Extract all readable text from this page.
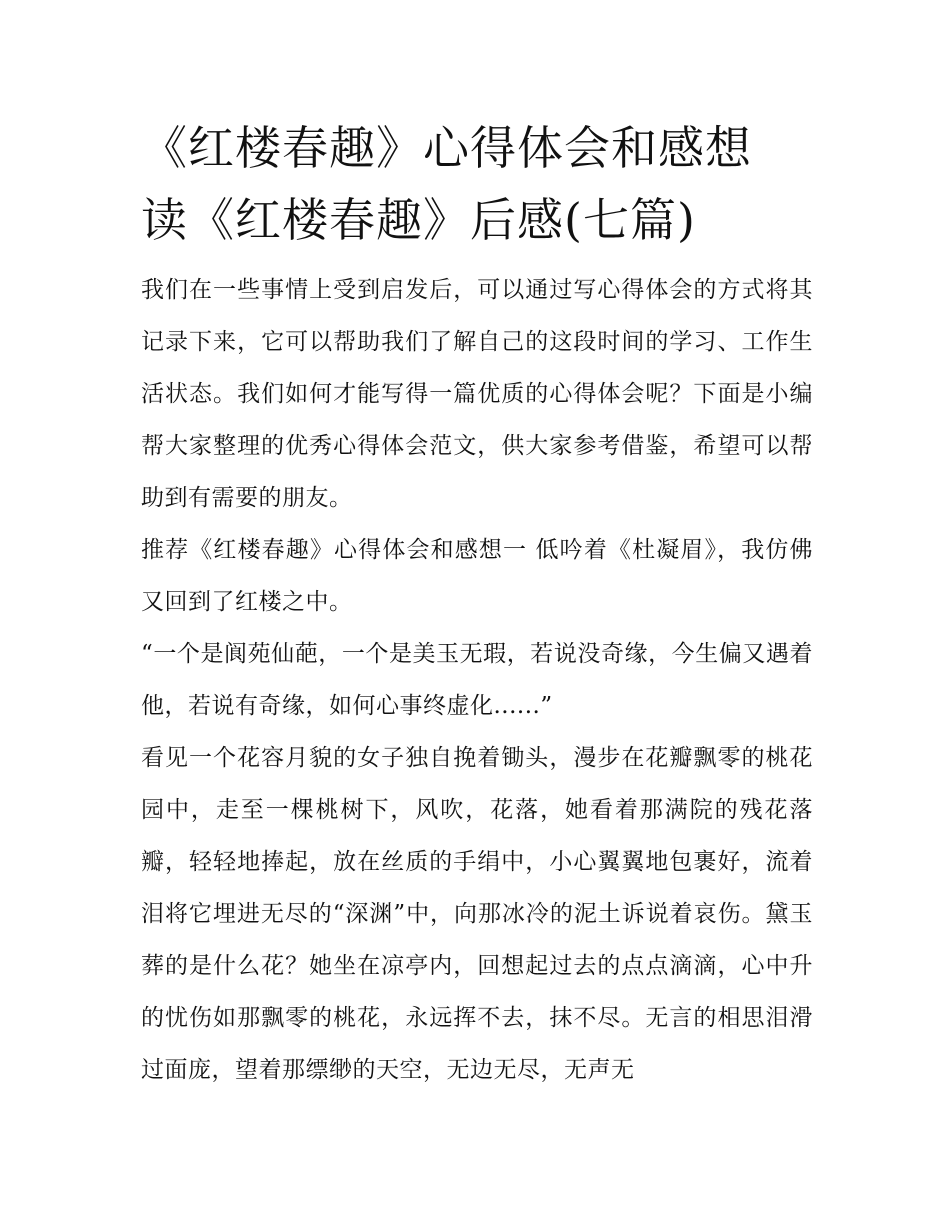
《红楼春趣》心得体会和感想
读《红楼春趣》后感(七篇)

我们在一些事情上受到启发后，可以通过写心得体会的方式将其记录下来，它可以帮助我们了解自己的这段时间的学习、工作生活状态。我们如何才能写得一篇优质的心得体会呢？下面是小编帮大家整理的优秀心得体会范文，供大家参考借鉴，希望可以帮助到有需要的朋友。

推荐《红楼春趣》心得体会和感想一 低吟着《杜凝眉》，我仿佛又回到了红楼之中。

“一个是阆苑仙葩，一个是美玉无瑕，若说没奇缘，今生偏又遇着他，若说有奇缘，如何心事终虚化......”

看见一个花容月貌的女子独自挽着锄头，漫步在花瓣飘零的桃花园中，走至一棵桃树下，风吹，花落，她看着那满院的残花落瓣，轻轻地捧起，放在丝质的手绢中，小心翼翼地包裹好，流着泪将它埋进无尽的“深渊”中，向那冰冷的泥土诉说着哀伤。黛玉葬的是什么花？她坐在凉亭内，回想起过去的点点滴滴，心中升的忧伤如那飘零的桃花，永远挥不去，抹不尽。无言的相思泪滑过面庞，望着那缥缈的天空，无边无尽，无声无
